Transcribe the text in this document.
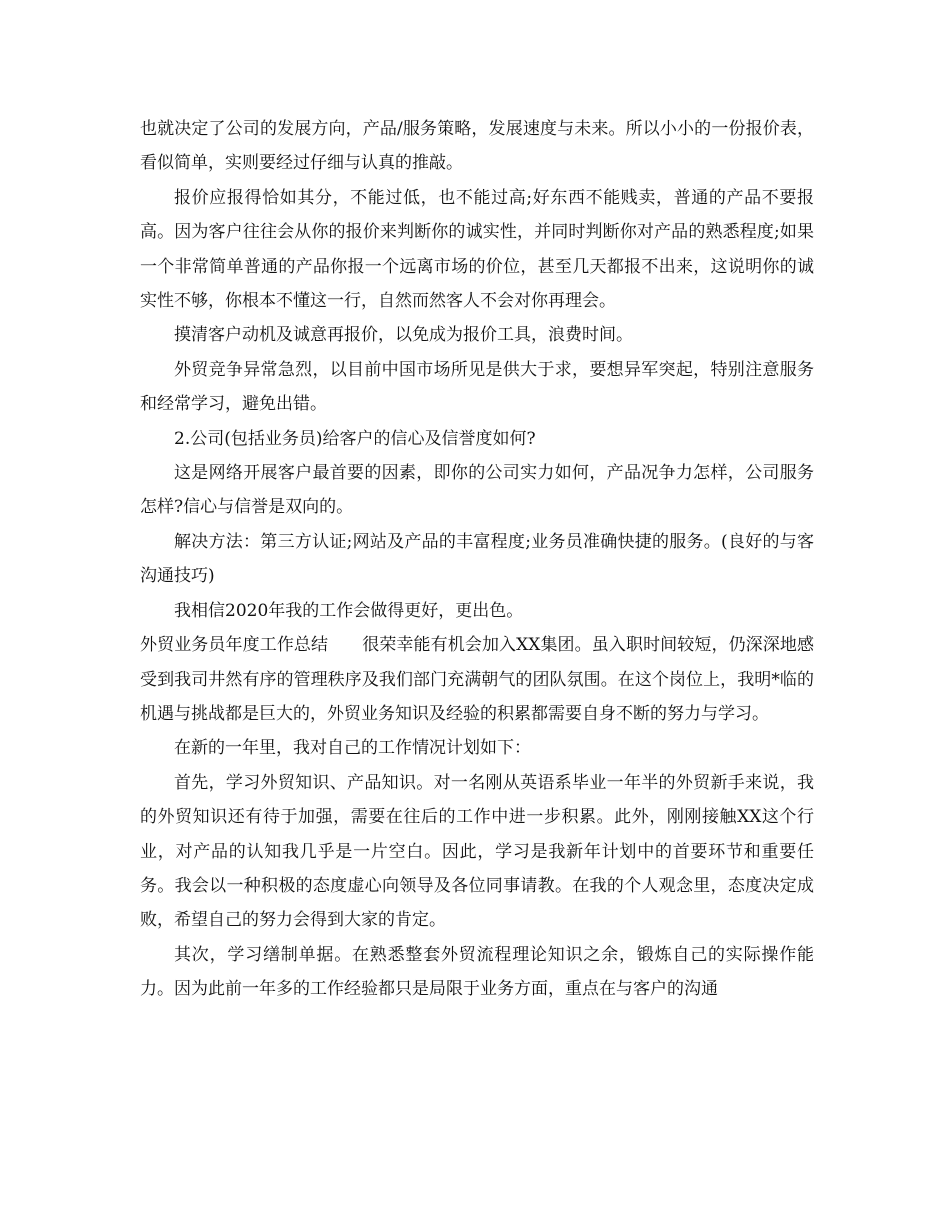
也就决定了公司的发展方向，产品/服务策略，发展速度与未来。所以小小的一份报价表，看似简单，实则要经过仔细与认真的推敲。

报价应报得恰如其分，不能过低，也不能过高;好东西不能贱卖，普通的产品不要报高。因为客户往往会从你的报价来判断你的诚实性，并同时判断你对产品的熟悉程度;如果一个非常简单普通的产品你报一个远离市场的价位，甚至几天都报不出来，这说明你的诚实性不够，你根本不懂这一行，自然而然客人不会对你再理会。

摸清客户动机及诚意再报价，以免成为报价工具，浪费时间。

外贸竞争异常急烈，以目前中国市场所见是供大于求，要想异军突起，特别注意服务和经常学习，避免出错。

2.公司(包括业务员)给客户的信心及信誉度如何?

这是网络开展客户最首要的因素，即你的公司实力如何，产品况争力怎样，公司服务怎样?信心与信誉是双向的。

解决方法：第三方认证;网站及产品的丰富程度;业务员准确快捷的服务。(良好的与客沟通技巧)

我相信2020年我的工作会做得更好，更出色。

外贸业务员年度工作总结 很荣幸能有机会加入XX集团。虽入职时间较短，仍深深地感受到我司井然有序的管理秩序及我们部门充满朝气的团队氛围。在这个岗位上，我明*临的机遇与挑战都是巨大的，外贸业务知识及经验的积累都需要自身不断的努力与学习。

在新的一年里，我对自己的工作情况计划如下：

首先，学习外贸知识、产品知识。对一名刚从英语系毕业一年半的外贸新手来说，我的外贸知识还有待于加强，需要在往后的工作中进一步积累。此外，刚刚接触XX这个行业，对产品的认知我几乎是一片空白。因此，学习是我新年计划中的首要环节和重要任务。我会以一种积极的态度虚心向领导及各位同事请教。在我的个人观念里，态度决定成败，希望自己的努力会得到大家的肯定。

其次，学习缮制单据。在熟悉整套外贸流程理论知识之余，锻炼自己的实际操作能力。因为此前一年多的工作经验都只是局限于业务方面，重点在与客户的沟通
